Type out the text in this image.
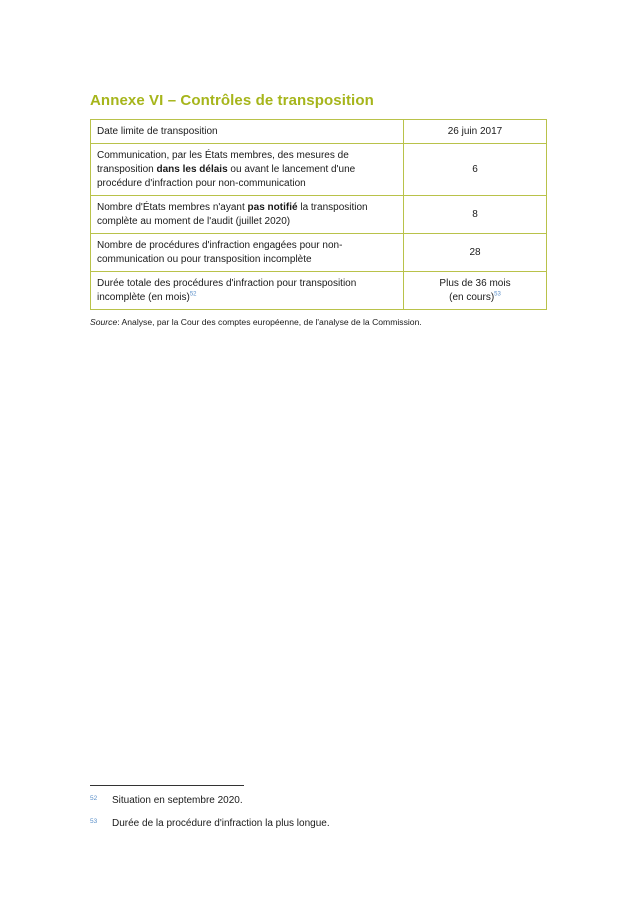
Annexe VI – Contrôles de transposition
Date limite de transposition	26 juin 2017
Communication, par les États membres, des mesures de transposition dans les délais ou avant le lancement d'une procédure d'infraction pour non-communication	6
Nombre d'États membres n'ayant pas notifié la transposition complète au moment de l'audit (juillet 2020)	8
Nombre de procédures d'infraction engagées pour non-communication ou pour transposition incomplète	28
Durée totale des procédures d'infraction pour transposition incomplète (en mois)$^{52}$	Plus de 36 mois
(en cours)$^{53}$
Source: Analyse, par la Cour des comptes européenne, de l'analyse de la Commission.
52 Situation en septembre 2020.
53 Durée de la procédure d'infraction la plus longue.
